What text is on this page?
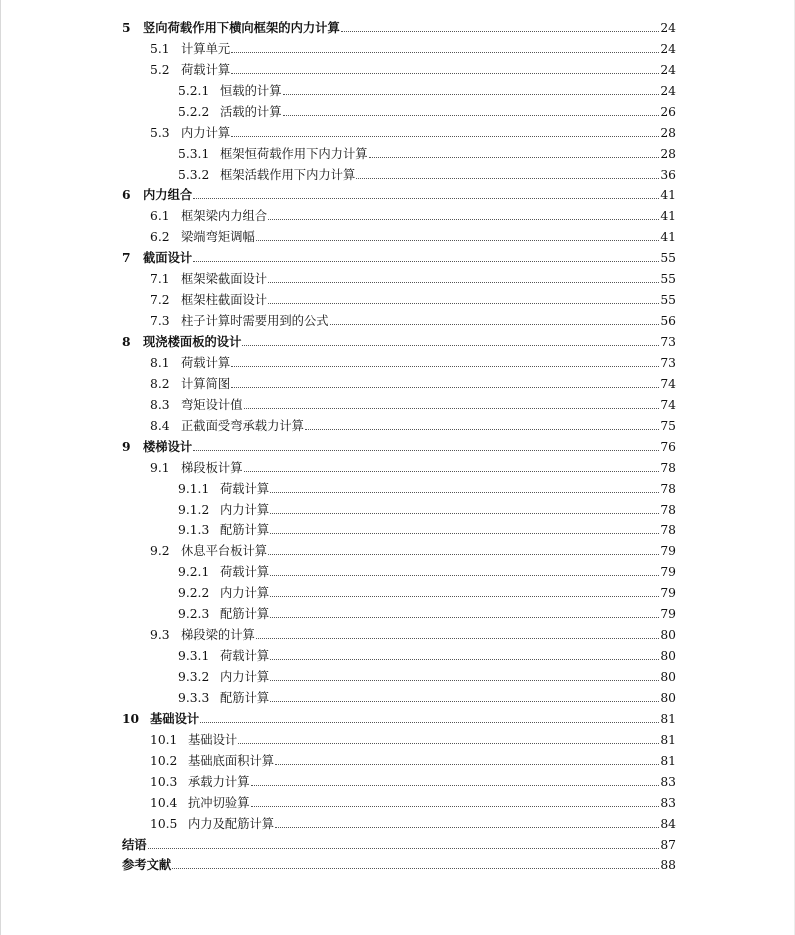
5	竖向荷载作用下横向框架的内力计算	24
5.1 计算单元	24
5.2 荷载计算	24
5.2.1 恒载的计算	24
5.2.2 活载的计算	26
5.3 内力计算	28
5.3.1 框架恒荷载作用下内力计算	28
5.3.2 框架活载作用下内力计算	36
6	内力组合	41
6.1 框架梁内力组合	41
6.2 梁端弯矩调幅	41
7	截面设计	55
7.1 框架梁截面设计	55
7.2 框架柱截面设计	55
7.3 柱子计算时需要用到的公式	56
8	现浇楼面板的设计	73
8.1 荷载计算	73
8.2 计算简图	74
8.3 弯矩设计值	74
8.4 正截面受弯承载力计算	75
9	楼梯设计	76
9.1 梯段板计算	78
9.1.1 荷载计算	78
9.1.2 内力计算	78
9.1.3 配筋计算	78
9.2 休息平台板计算	79
9.2.1 荷载计算	79
9.2.2 内力计算	79
9.2.3 配筋计算	79
9.3 梯段梁的计算	80
9.3.1 荷载计算	80
9.3.2 内力计算	80
9.3.3 配筋计算	80
10 基础设计	81
10.1 基础设计	81
10.2 基础底面积计算	81
10.3 承载力计算	83
10.4 抗冲切验算	83
10.5 内力及配筋计算	84
结语	87
参考文献	88
